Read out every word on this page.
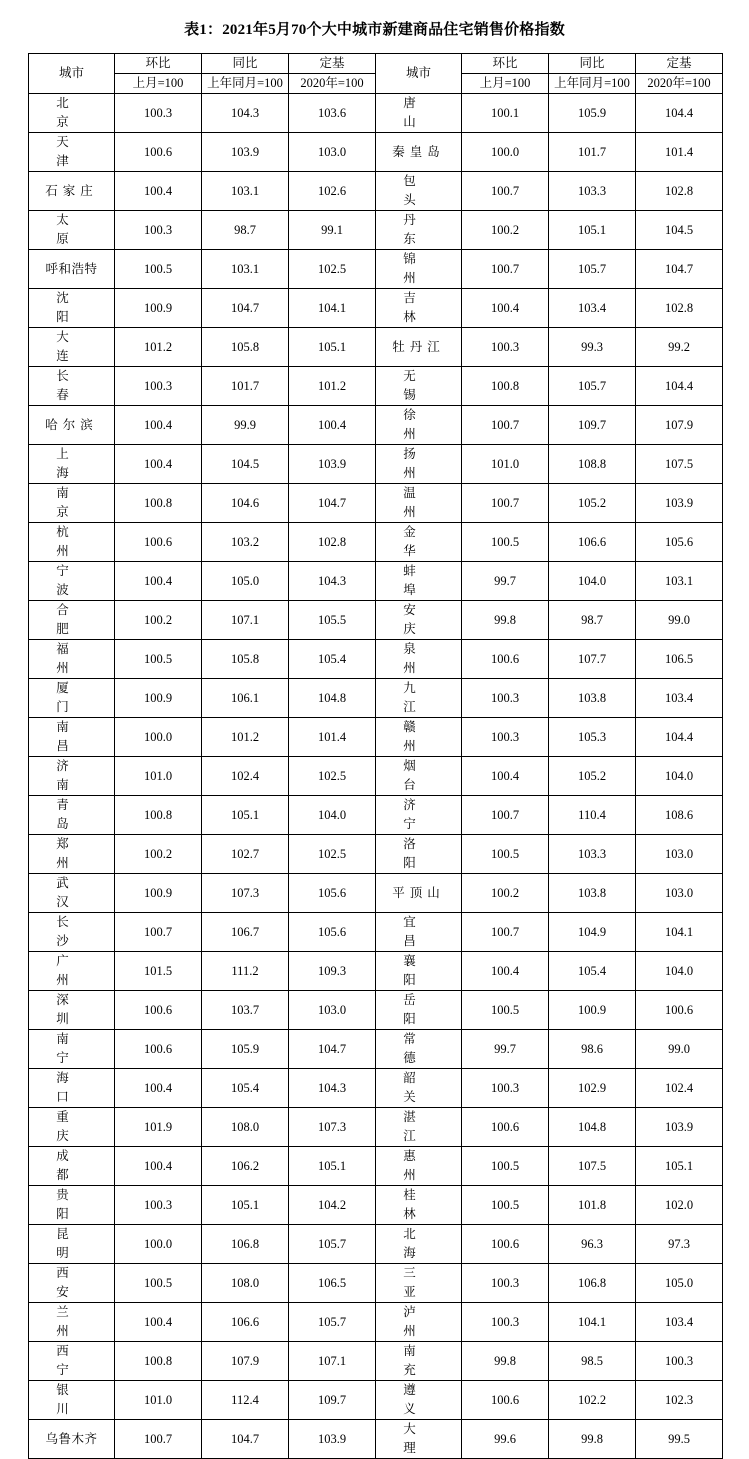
表1：2021年5月70个大中城市新建商品住宅销售价格指数
城市	环比	同比	定基	城市	环比	同比	定基
	上月=100	上年同月=100	2020年=100		上月=100	上年同月=100	2020年=100
北　京	100.3	104.3	103.6	唐　山	100.1	105.9	104.4
天　津	100.6	103.9	103.0	秦皇岛	100.0	101.7	101.4
石家庄	100.4	103.1	102.6	包　头	100.7	103.3	102.8
太　原	100.3	98.7	99.1	丹　东	100.2	105.1	104.5
呼和浩特	100.5	103.1	102.5	锦　州	100.7	105.7	104.7
沈　阳	100.9	104.7	104.1	吉　林	100.4	103.4	102.8
大　连	101.2	105.8	105.1	牡丹江	100.3	99.3	99.2
长　春	100.3	101.7	101.2	无　锡	100.8	105.7	104.4
哈尔滨	100.4	99.9	100.4	徐　州	100.7	109.7	107.9
上　海	100.4	104.5	103.9	扬　州	101.0	108.8	107.5
南　京	100.8	104.6	104.7	温　州	100.7	105.2	103.9
杭　州	100.6	103.2	102.8	金　华	100.5	106.6	105.6
宁　波	100.4	105.0	104.3	蚌　埠	99.7	104.0	103.1
合　肥	100.2	107.1	105.5	安　庆	99.8	98.7	99.0
福　州	100.5	105.8	105.4	泉　州	100.6	107.7	106.5
厦　门	100.9	106.1	104.8	九　江	100.3	103.8	103.4
南　昌	100.0	101.2	101.4	赣　州	100.3	105.3	104.4
济　南	101.0	102.4	102.5	烟　台	100.4	105.2	104.0
青　岛	100.8	105.1	104.0	济　宁	100.7	110.4	108.6
郑　州	100.2	102.7	102.5	洛　阳	100.5	103.3	103.0
武　汉	100.9	107.3	105.6	平顶山	100.2	103.8	103.0
长　沙	100.7	106.7	105.6	宜　昌	100.7	104.9	104.1
广　州	101.5	111.2	109.3	襄　阳	100.4	105.4	104.0
深　圳	100.6	103.7	103.0	岳　阳	100.5	100.9	100.6
南　宁	100.6	105.9	104.7	常　德	99.7	98.6	99.0
海　口	100.4	105.4	104.3	韶　关	100.3	102.9	102.4
重　庆	101.9	108.0	107.3	湛　江	100.6	104.8	103.9
成　都	100.4	106.2	105.1	惠　州	100.5	107.5	105.1
贵　阳	100.3	105.1	104.2	桂　林	100.5	101.8	102.0
昆　明	100.0	106.8	105.7	北　海	100.6	96.3	97.3
西　安	100.5	108.0	106.5	三　亚	100.3	106.8	105.0
兰　州	100.4	106.6	105.7	泸　州	100.3	104.1	103.4
西　宁	100.8	107.9	107.1	南　充	99.8	98.5	100.3
银　川	101.0	112.4	109.7	遵　义	100.6	102.2	102.3
乌鲁木齐	100.7	104.7	103.9	大　理	99.6	99.8	99.5
